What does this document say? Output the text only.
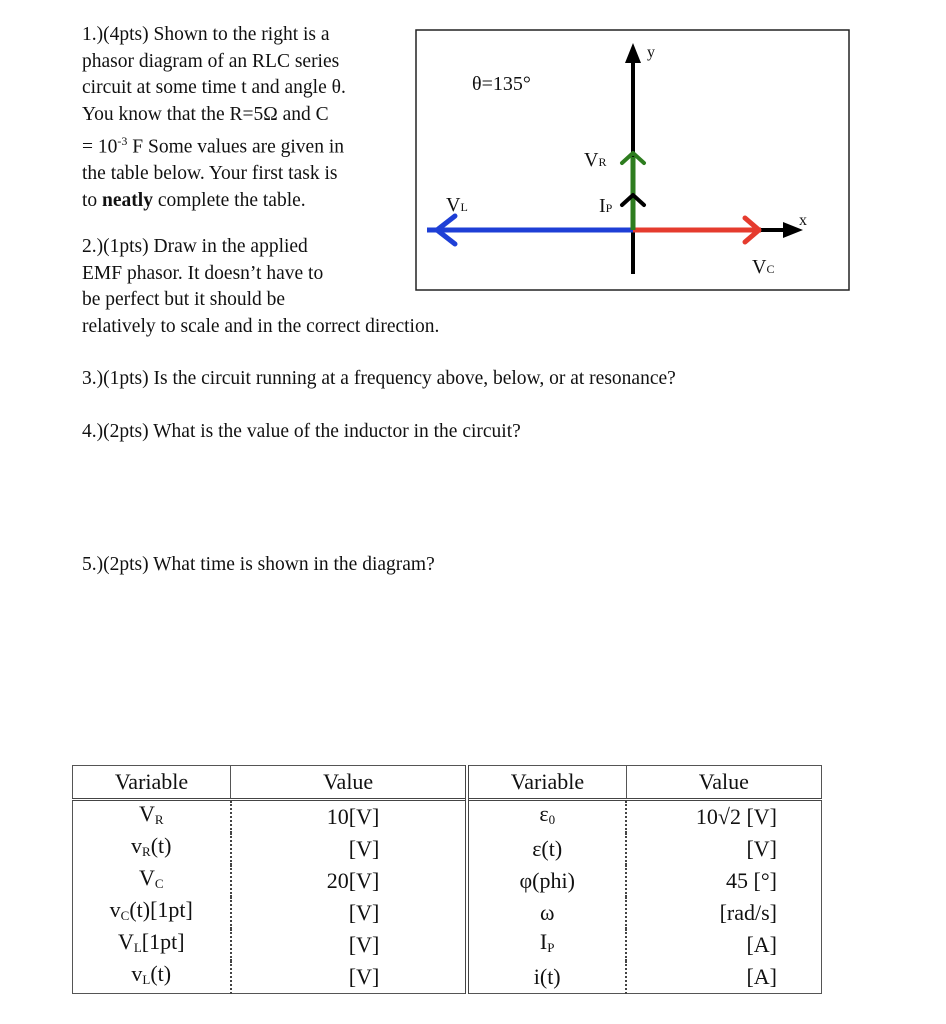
1.)(4pts) Shown to the right is a
phasor diagram of an RLC series
circuit at some time t and angle θ.
You know that the R=5Ω and C
= $10^{-3}$ F Some values are given in
the table below. Your first task is
to neatly complete the table.
2.)(1pts) Draw in the applied
EMF phasor. It doesn’t have to
be perfect but it should be
relatively to scale and in the correct direction.
3.)(1pts) Is the circuit running at a frequency above, below, or at resonance?
4.)(2pts) What is the value of the inductor in the circuit?
5.)(2pts) What time is shown in the diagram?
y
x
θ=135°
VR
IP
VL
VC
Variable	Value	Variable	Value
$V_R$	10[V]	$\varepsilon_0$	10√2 [V]
$v_R(t)$	[V]	ε(t)	[V]
$V_C$	20[V]	φ(phi)	45 [°]
$v_C(t)[1pt]$	[V]	ω	[rad/s]
$V_L[1pt]$	[V]	$I_P$	[A]
$v_L(t)$	[V]	i(t)	[A]
